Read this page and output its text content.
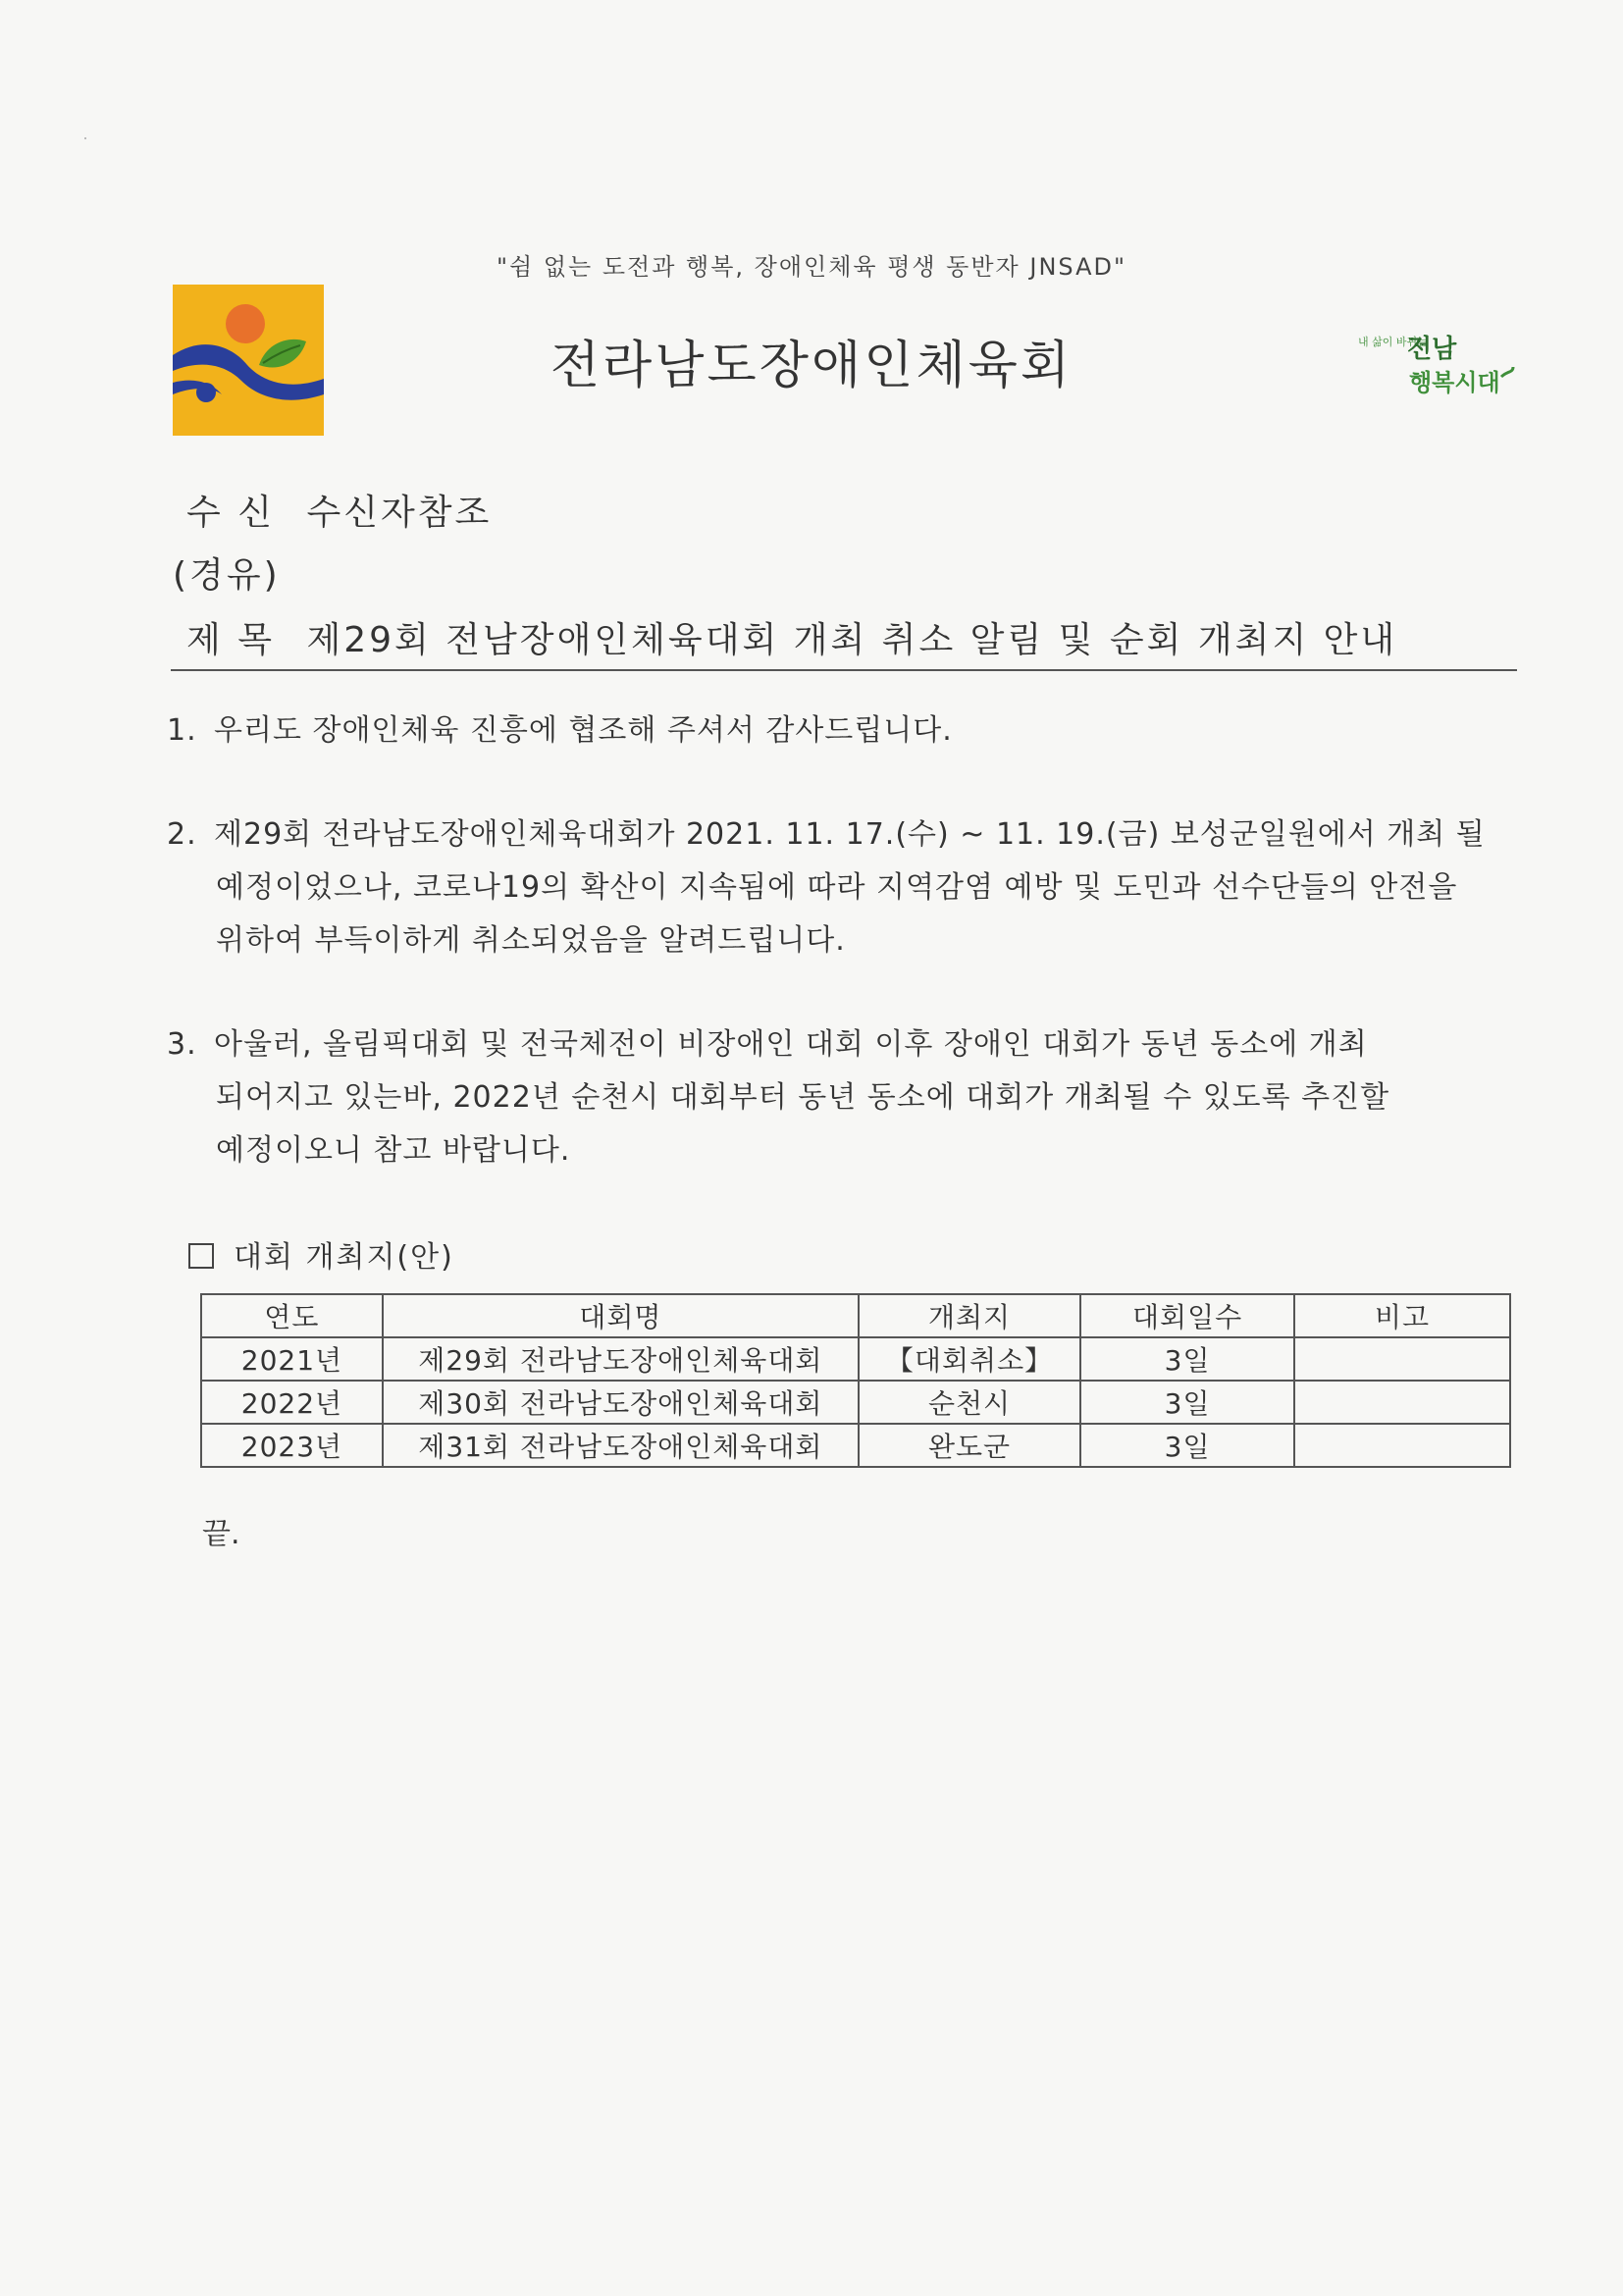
"쉼 없는 도전과 행복, 장애인체육 평생 동반자 JNSAD"
전라남도장애인체육회	내 삶이 바뀌는
전남
행복시대
수 신 수신자참조
(경유)
제 목 제29회 전남장애인체육대회 개최 취소 알림 및 순회 개최지 안내
1. 우리도 장애인체육 진흥에 협조해 주셔서 감사드립니다.
2. 제29회 전라남도장애인체육대회가 2021. 11. 17.(수) ~ 11. 19.(금) 보성군일원에서 개최 될
예정이었으나, 코로나19의 확산이 지속됨에 따라 지역감염 예방 및 도민과 선수단들의 안전을
위하여 부득이하게 취소되었음을 알려드립니다.
3. 아울러, 올림픽대회 및 전국체전이 비장애인 대회 이후 장애인 대회가 동년 동소에 개최
되어지고 있는바, 2022년 순천시 대회부터 동년 동소에 대회가 개최될 수 있도록 추진할
예정이오니 참고 바랍니다.
대회 개최지(안)
연도	대회명	개최지	대회일수	비고
2021년	제29회 전라남도장애인체육대회	【대회취소】	3일	
2022년	제30회 전라남도장애인체육대회	순천시	3일	
2023년	제31회 전라남도장애인체육대회	완도군	3일	
끝.
